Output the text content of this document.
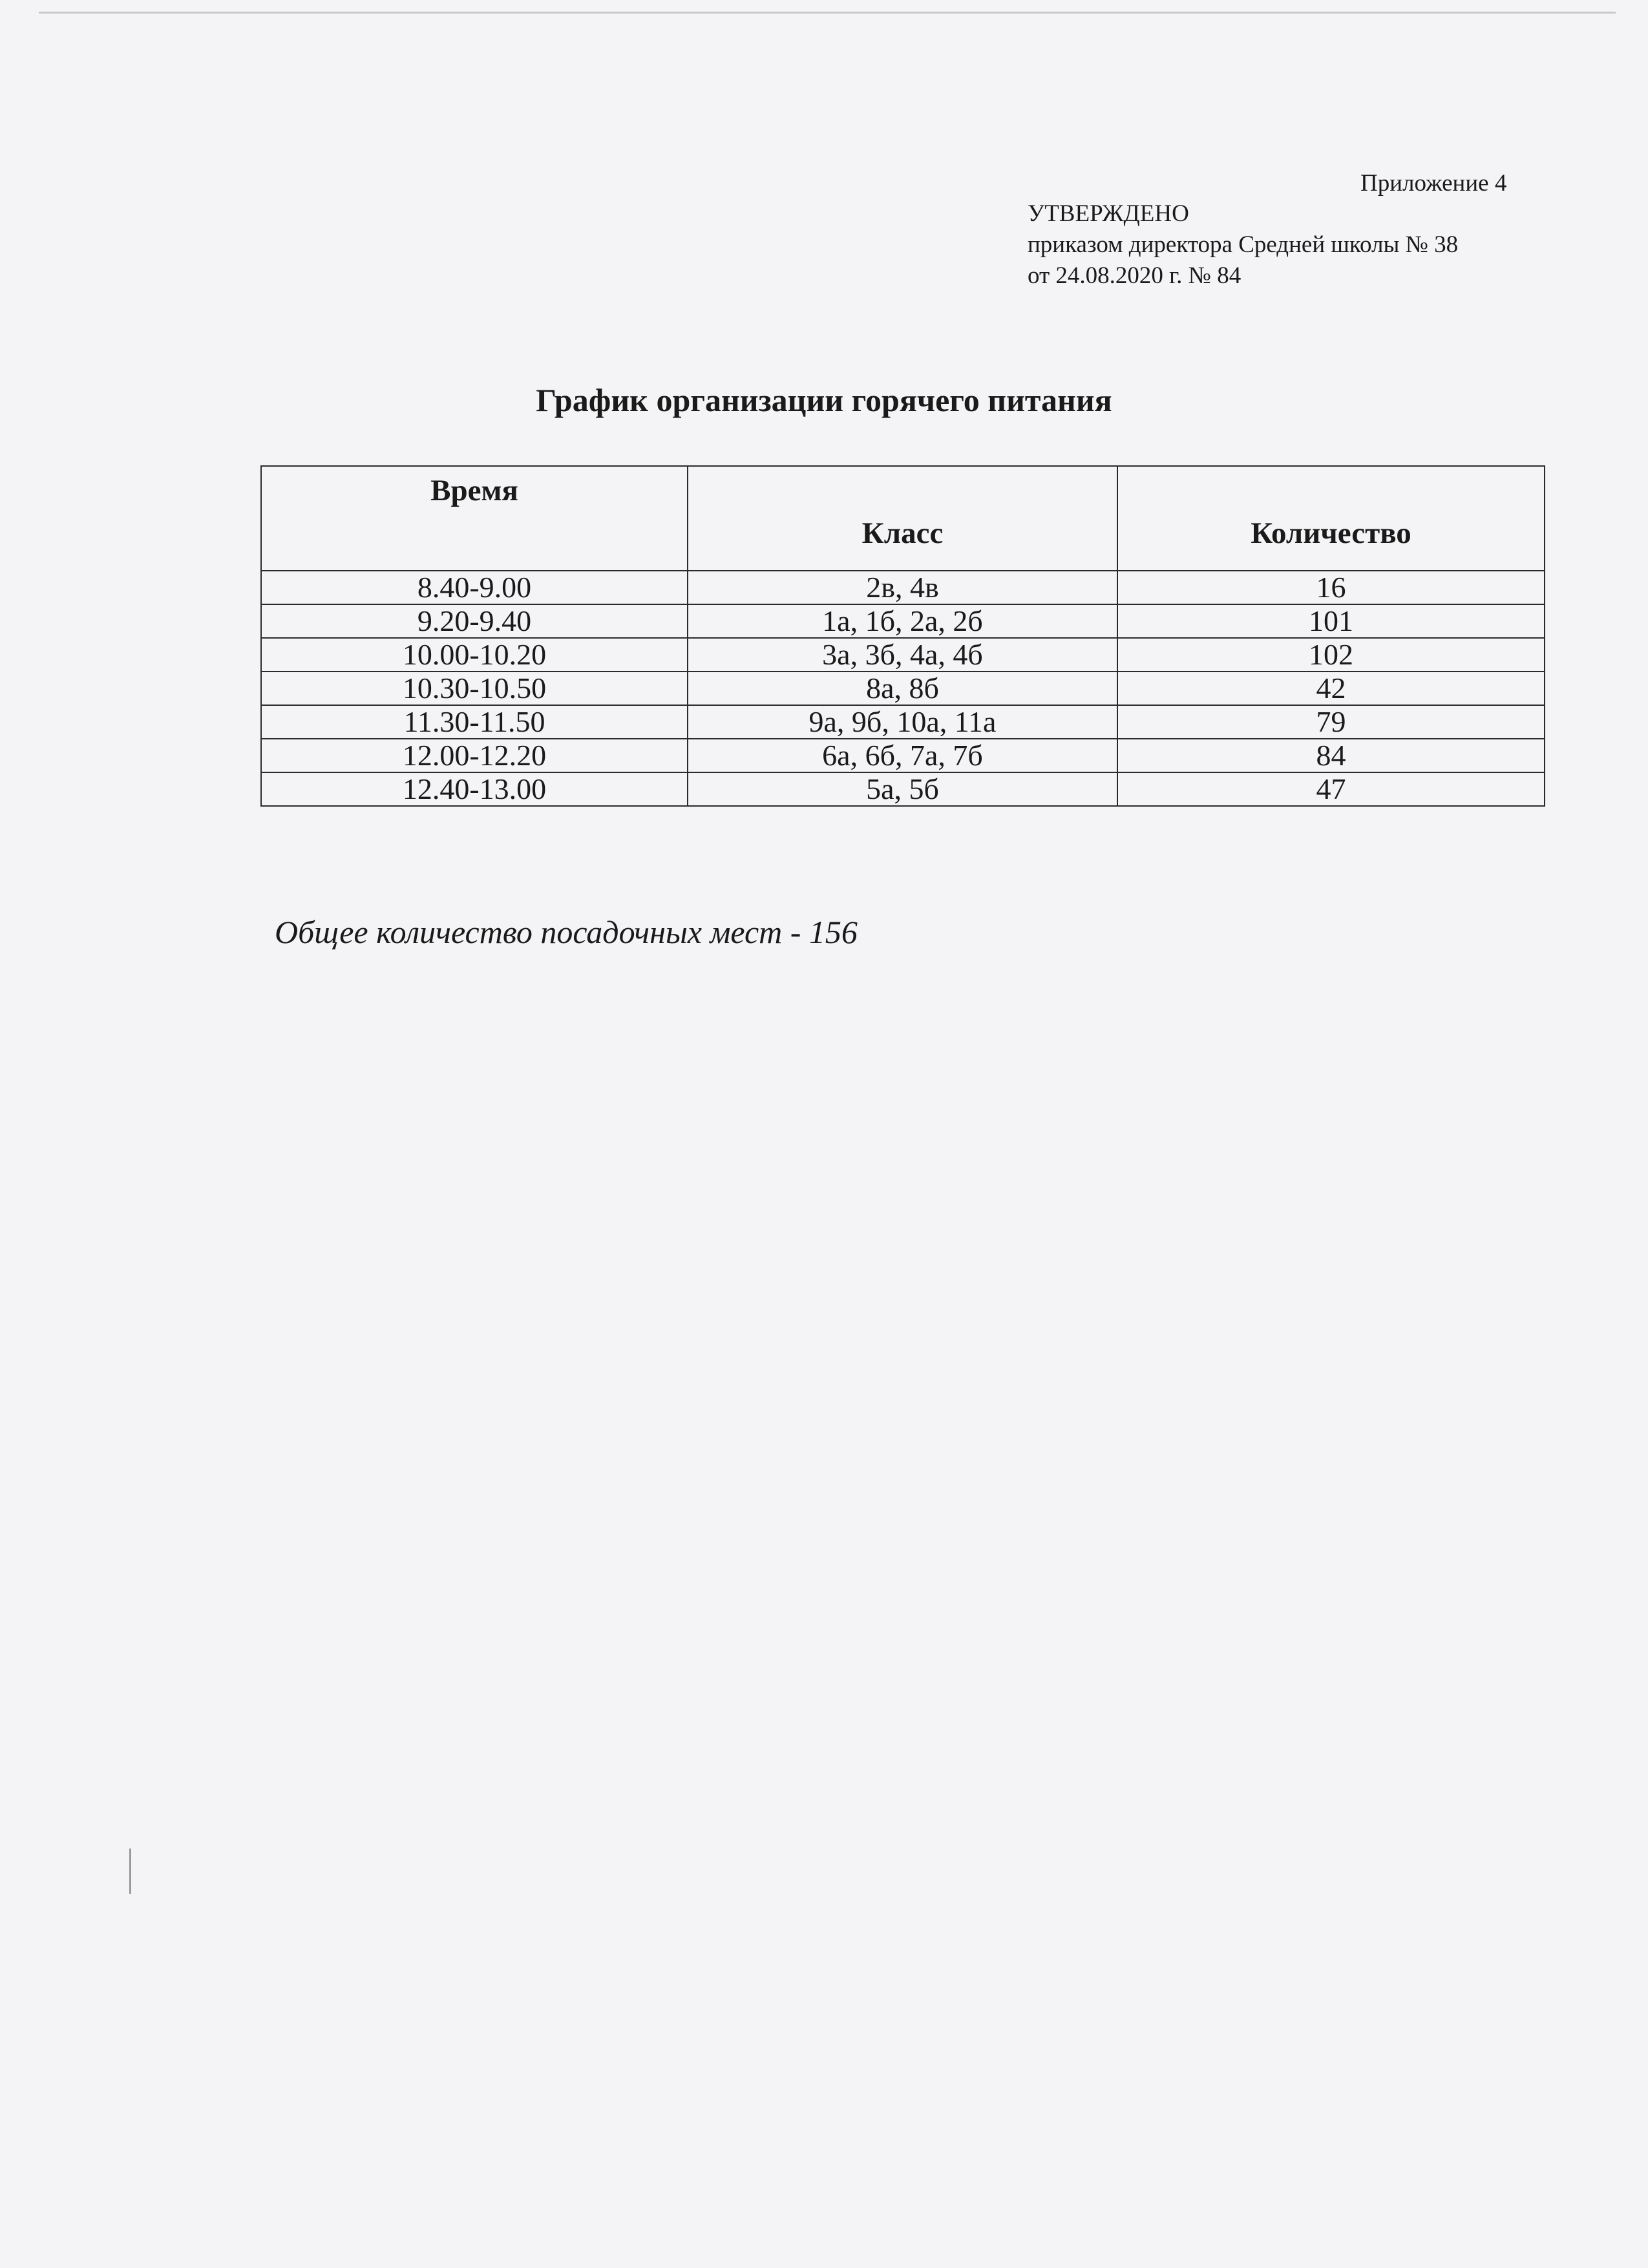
Приложение 4
УТВЕРЖДЕНО
приказом директора Средней школы № 38
от 24.08.2020 г. № 84
График организации горячего питания
Время	Класс	Количество
8.40-9.00	2в, 4в	16
9.20-9.40	1а, 1б, 2а, 2б	101
10.00-10.20	3а, 3б, 4а, 4б	102
10.30-10.50	8а, 8б	42
11.30-11.50	9а, 9б, 10а, 11а	79
12.00-12.20	6а, 6б, 7а, 7б	84
12.40-13.00	5а, 5б	47
Общее количество посадочных мест - 156
